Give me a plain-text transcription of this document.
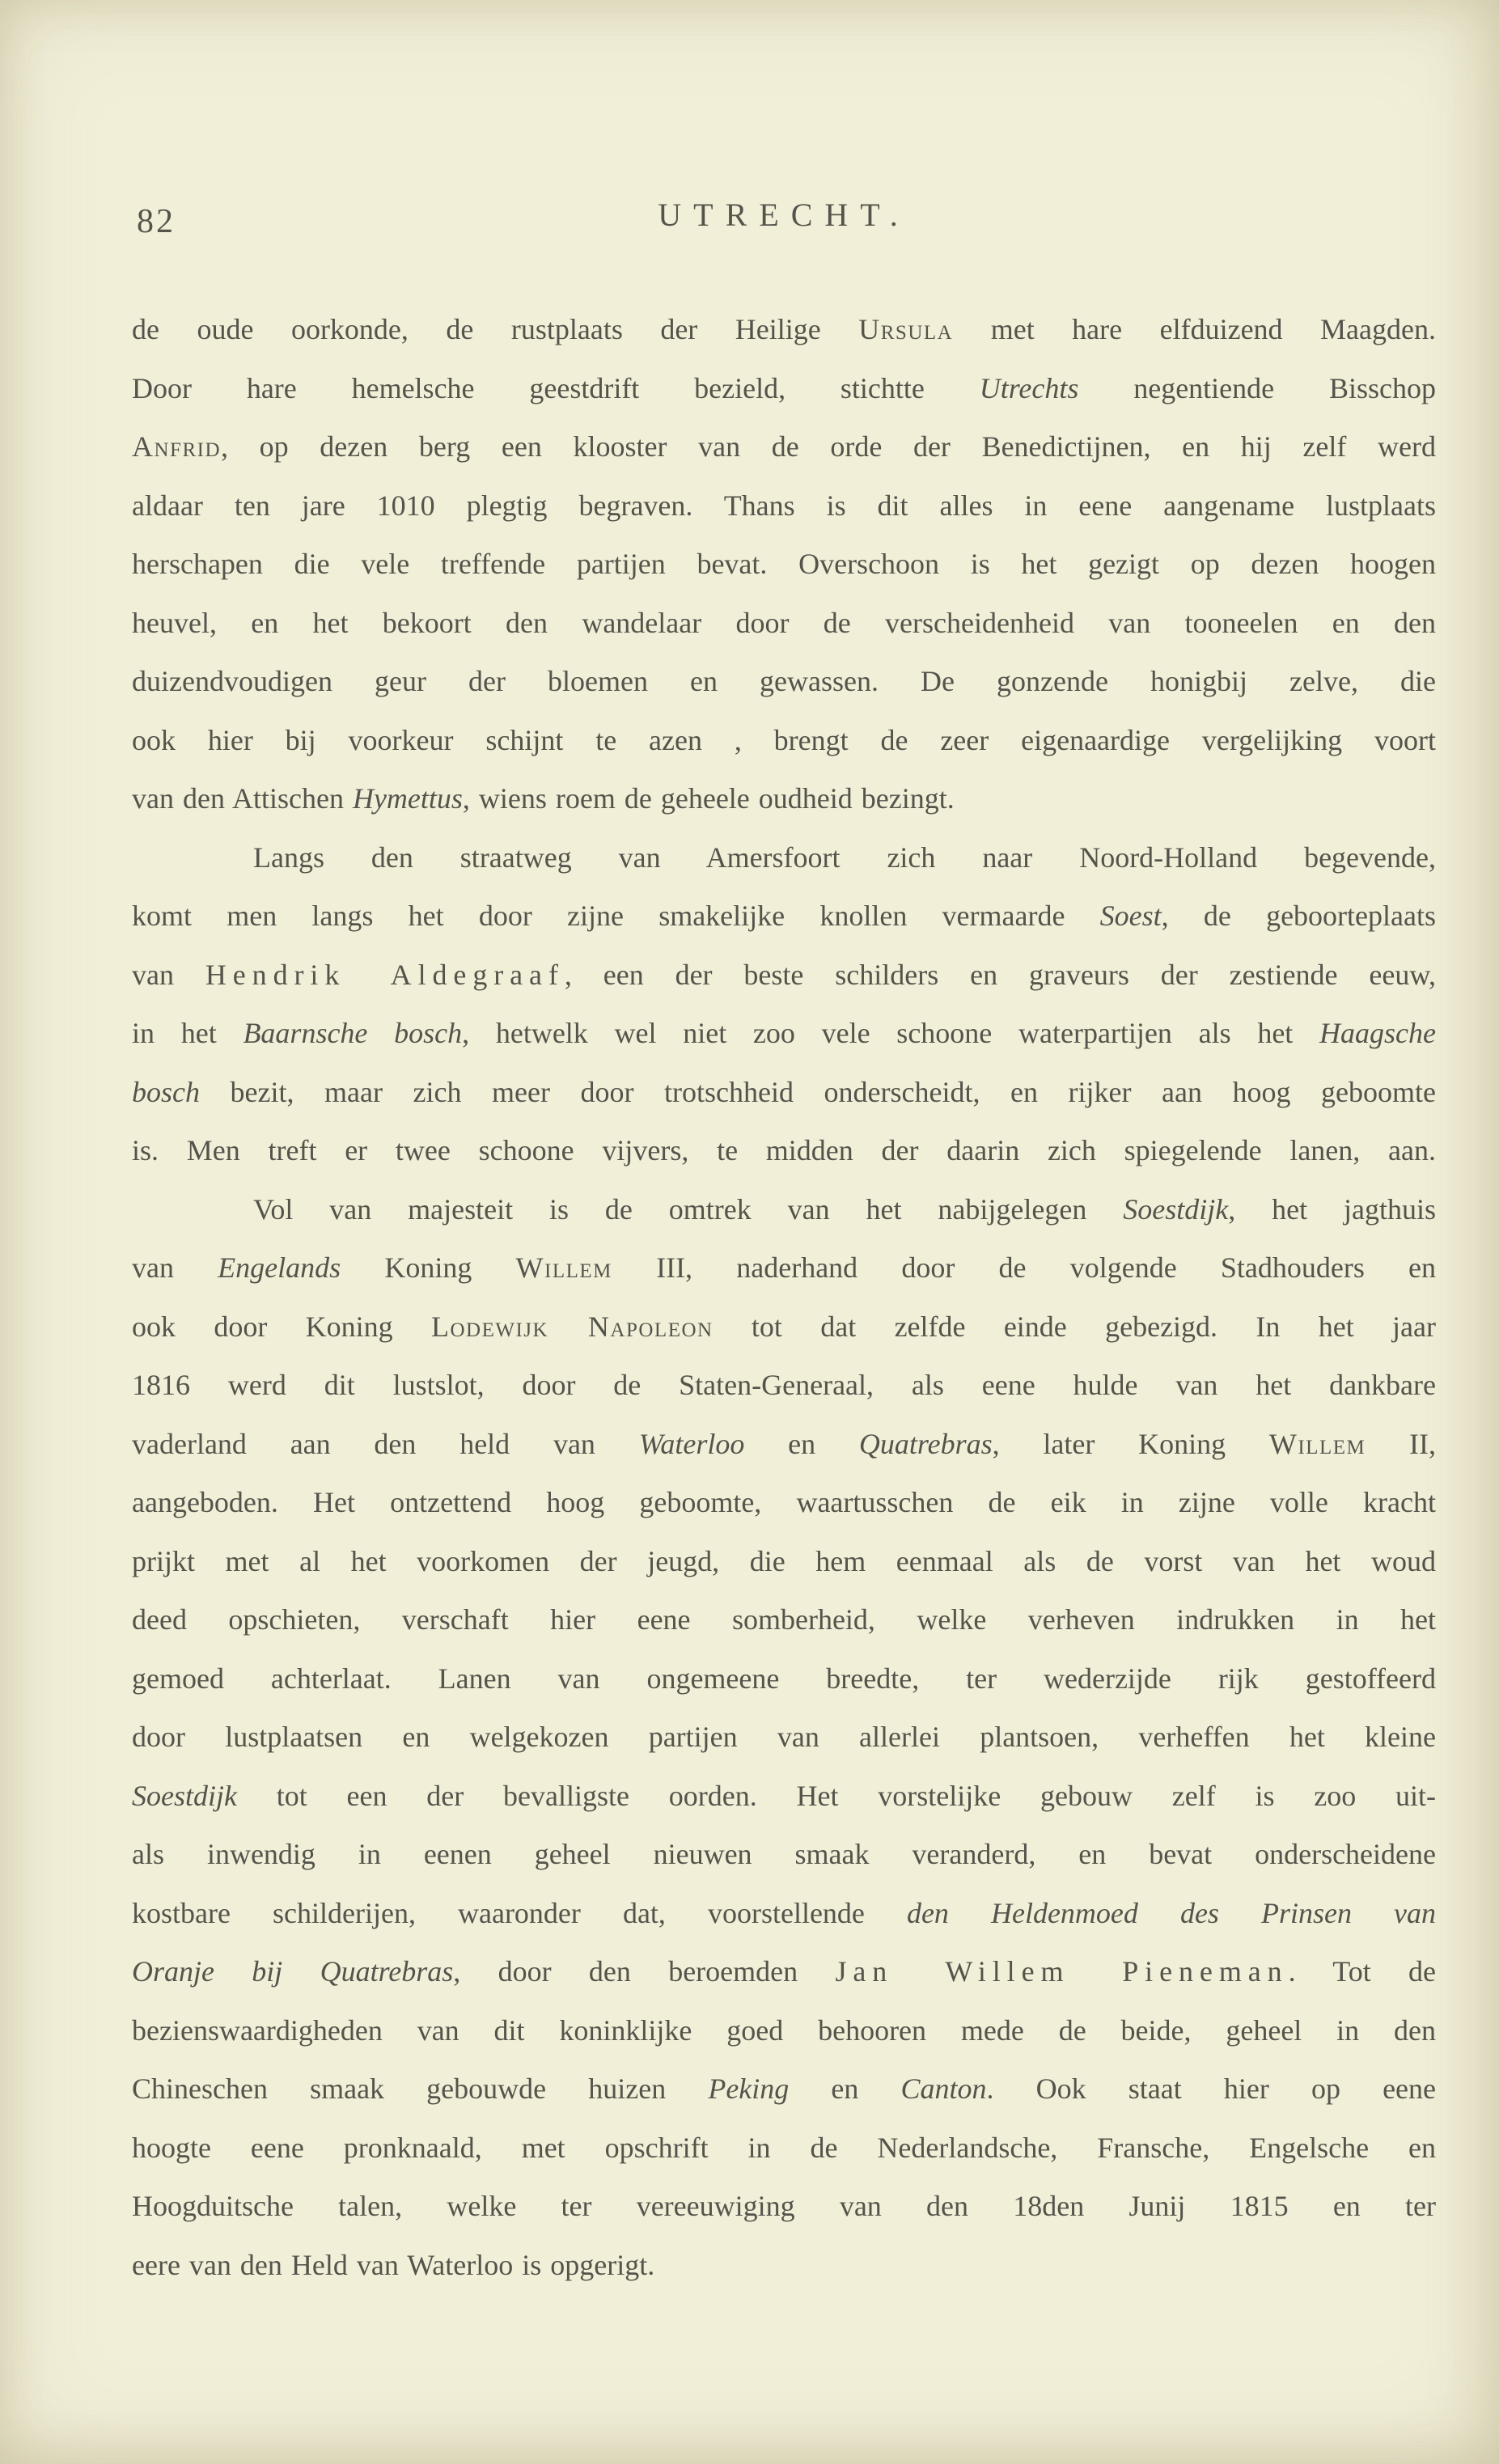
82	UTRECHT.
de oude oorkonde, de rustplaats der Heilige Ursula met hare elfduizend Maagden.
Door hare hemelsche geestdrift bezield, stichtte Utrechts negentiende Bisschop
Anfrid, op dezen berg een klooster van de orde der Benedictijnen, en hij zelf werd
aldaar ten jare 1010 plegtig begraven. Thans is dit alles in eene aangename lustplaats
herschapen die vele treffende partijen bevat. Overschoon is het gezigt op dezen hoogen
heuvel, en het bekoort den wandelaar door de verscheidenheid van tooneelen en den
duizendvoudigen geur der bloemen en gewassen. De gonzende honigbij zelve, die
ook hier bij voorkeur schijnt te azen , brengt de zeer eigenaardige vergelijking voort
van den Attischen Hymettus, wiens roem de geheele oudheid bezingt.
Langs den straatweg van Amersfoort zich naar Noord-Holland begevende,
komt men langs het door zijne smakelijke knollen vermaarde Soest, de geboorteplaats
van Hendrik Aldegraaf, een der beste schilders en graveurs der zestiende eeuw,
in het Baarnsche bosch, hetwelk wel niet zoo vele schoone waterpartijen als het Haagsche
bosch bezit, maar zich meer door trotschheid onderscheidt, en rijker aan hoog geboomte
is. Men treft er twee schoone vijvers, te midden der daarin zich spiegelende lanen, aan.
Vol van majesteit is de omtrek van het nabijgelegen Soestdijk, het jagthuis
van Engelands Koning Willem III, naderhand door de volgende Stadhouders en
ook door Koning Lodewijk Napoleon tot dat zelfde einde gebezigd. In het jaar
1816 werd dit lustslot, door de Staten-Generaal, als eene hulde van het dankbare
vaderland aan den held van Waterloo en Quatrebras, later Koning Willem II,
aangeboden. Het ontzettend hoog geboomte, waartusschen de eik in zijne volle kracht
prijkt met al het voorkomen der jeugd, die hem eenmaal als de vorst van het woud
deed opschieten, verschaft hier eene somberheid, welke verheven indrukken in het
gemoed achterlaat. Lanen van ongemeene breedte, ter wederzijde rijk gestoffeerd
door lustplaatsen en welgekozen partijen van allerlei plantsoen, verheffen het kleine
Soestdijk tot een der bevalligste oorden. Het vorstelijke gebouw zelf is zoo uit-
als inwendig in eenen geheel nieuwen smaak veranderd, en bevat onderscheidene
kostbare schilderijen, waaronder dat, voorstellende den Heldenmoed des Prinsen van
Oranje bij Quatrebras, door den beroemden Jan Willem Pieneman. Tot de
bezienswaardigheden van dit koninklijke goed behooren mede de beide, geheel in den
Chineschen smaak gebouwde huizen Peking en Canton. Ook staat hier op eene
hoogte eene pronknaald, met opschrift in de Nederlandsche, Fransche, Engelsche en
Hoogduitsche talen, welke ter vereeuwiging van den 18den Junij 1815 en ter
eere van den Held van Waterloo is opgerigt.
